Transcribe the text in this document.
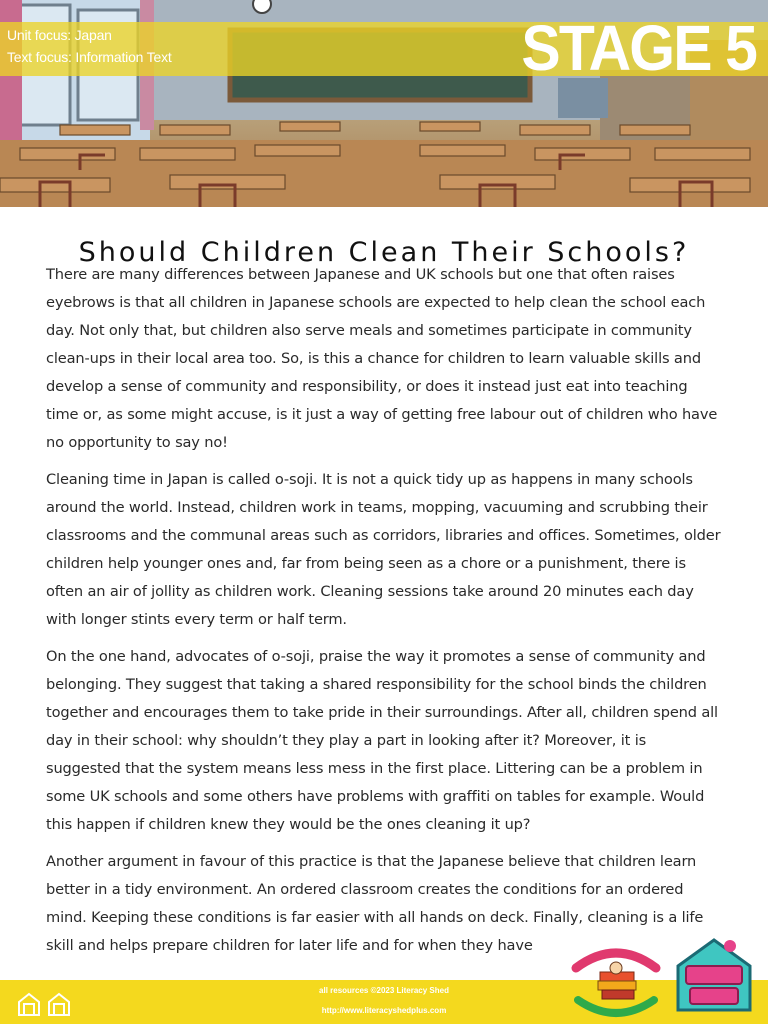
Unit focus: Japan
Text focus: Information Text	STAGE 5
Should Children Clean Their Schools?

There are many differences between Japanese and UK schools but one that often raises eyebrows is that all children in Japanese schools are expected to help clean the school each day. Not only that, but children also serve meals and sometimes participate in community clean-ups in their local area too. So, is this a chance for children to learn valuable skills and develop a sense of community and responsibility, or does it instead just eat into teaching time or, as some might accuse, is it just a way of getting free labour out of children who have no opportunity to say no!

Cleaning time in Japan is called o-soji. It is not a quick tidy up as happens in many schools around the world. Instead, children work in teams, mopping, vacuuming and scrubbing their classrooms and the communal areas such as corridors, libraries and offices. Sometimes, older children help younger ones and, far from being seen as a chore or a punishment, there is often an air of jollity as children work. Cleaning sessions take around 20 minutes each day with longer stints every term or half term.

On the one hand, advocates of o-soji, praise the way it promotes a sense of community and belonging. They suggest that taking a shared responsibility for the school binds the children together and encourages them to take pride in their surroundings. After all, children spend all day in their school: why shouldn’t they play a part in looking after it? Moreover, it is suggested that the system means less mess in the first place. Littering can be a problem in some UK schools and some others have problems with graffiti on tables for example. Would this happen if children knew they would be the ones cleaning it up?

Another argument in favour of this practice is that the Japanese believe that children learn better in a tidy environment. An ordered classroom creates the conditions for an ordered mind. Keeping these conditions is far easier with all hands on deck. Finally, cleaning is a life skill and helps prepare children for later life and for when they have

all resources ©2023 Literacy Shed
http://www.literacyshedplus.com
